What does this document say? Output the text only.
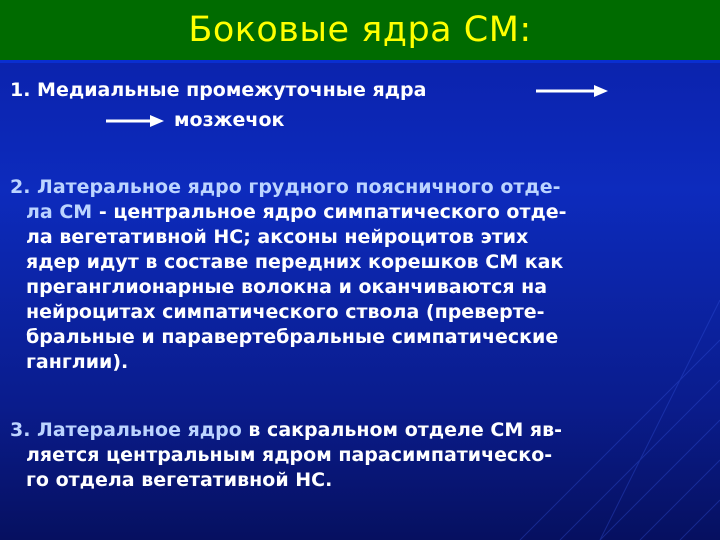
Боковые ядра СМ:
1. Медиальные промежуточные ядра
мозжечок
2. Латеральное ядро грудного поясничного отде-
ла СМ - центральное ядро симпатического отде-
ла вегетативной НС; аксоны нейроцитов этих
ядер идут в составе передних корешков СМ как
преганглионарные волокна и оканчиваются на
нейроцитах симпатического ствола (преверте-
бральные и паравертебральные симпатические
ганглии).
3. Латеральное ядро в сакральном отделе СМ яв-
ляется центральным ядром парасимпатическо-
го отдела вегетативной НС.
